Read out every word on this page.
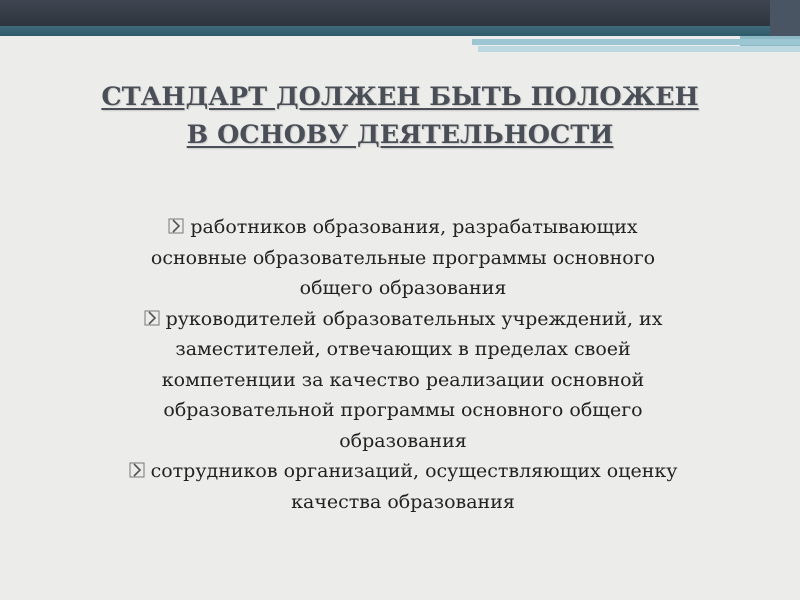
СТАНДАРТ ДОЛЖЕН БЫТЬ ПОЛОЖЕН
В ОСНОВУ ДЕЯТЕЛЬНОСТИ
работников образования, разрабатывающих
основные образовательные программы основного
общего образования
руководителей образовательных учреждений, их
заместителей, отвечающих в пределах своей
компетенции за качество реализации основной
образовательной программы основного общего
образования
сотрудников организаций, осуществляющих оценку
качества образования
